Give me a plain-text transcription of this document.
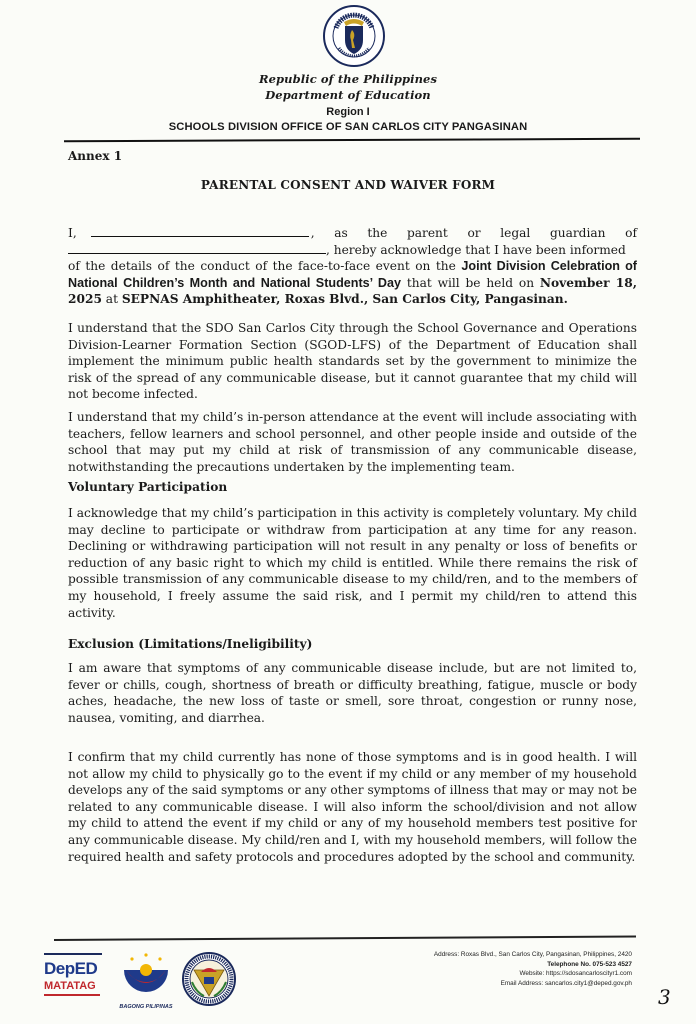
Republic of the Philippines
Department of Education
Region I
SCHOOLS DIVISION OFFICE OF SAN CARLOS CITY PANGASINAN
Annex 1
PARENTAL CONSENT AND WAIVER FORM
I,	, as the parent or legal guardian of
, hereby acknowledge that I have been informed

of the details of the conduct of the face-to-face event on the Joint Division Celebration of National Children’s Month and National Students’ Day that will be held on November 18, 2025 at SEPNAS Amphitheater, Roxas Blvd., San Carlos City, Pangasinan.

I understand that the SDO San Carlos City through the School Governance and Operations Division-Learner Formation Section (SGOD-LFS) of the Department of Education shall implement the minimum public health standards set by the government to minimize the risk of the spread of any communicable disease, but it cannot guarantee that my child will not become infected.

I understand that my child’s in-person attendance at the event will include associating with teachers, fellow learners and school personnel, and other people inside and outside of the school that may put my child at risk of transmission of any communicable disease, notwithstanding the precautions undertaken by the implementing team.

Voluntary Participation

I acknowledge that my child’s participation in this activity is completely voluntary. My child may decline to participate or withdraw from participation at any time for any reason. Declining or withdrawing participation will not result in any penalty or loss of benefits or reduction of any basic right to which my child is entitled. While there remains the risk of possible transmission of any communicable disease to my child/ren, and to the members of my household, I freely assume the said risk, and I permit my child/ren to attend this activity.

Exclusion (Limitations/Ineligibility)

I am aware that symptoms of any communicable disease include, but are not limited to, fever or chills, cough, shortness of breath or difficulty breathing, fatigue, muscle or body aches, headache, the new loss of taste or smell, sore throat, congestion or runny nose, nausea, vomiting, and diarrhea.

I confirm that my child currently has none of those symptoms and is in good health. I will not allow my child to physically go to the event if my child or any member of my household develops any of the said symptoms or any other symptoms of illness that may or may not be related to any communicable disease. I will also inform the school/division and not allow my child to attend the event if my child or any of my household members test positive for any communicable disease. My child/ren and I, with my household members, will follow the required health and safety protocols and procedures adopted by the school and community.

DepED
MATATAG
BAGONG PILIPINAS
Address: Roxas Blvd., San Carlos City, Pangasinan, Philippines, 2420
Telephone No. 075-523 4527
Website: https://sdosancarloscityr1.com
Email Address: sancarlos.city1@deped.gov.ph
3
